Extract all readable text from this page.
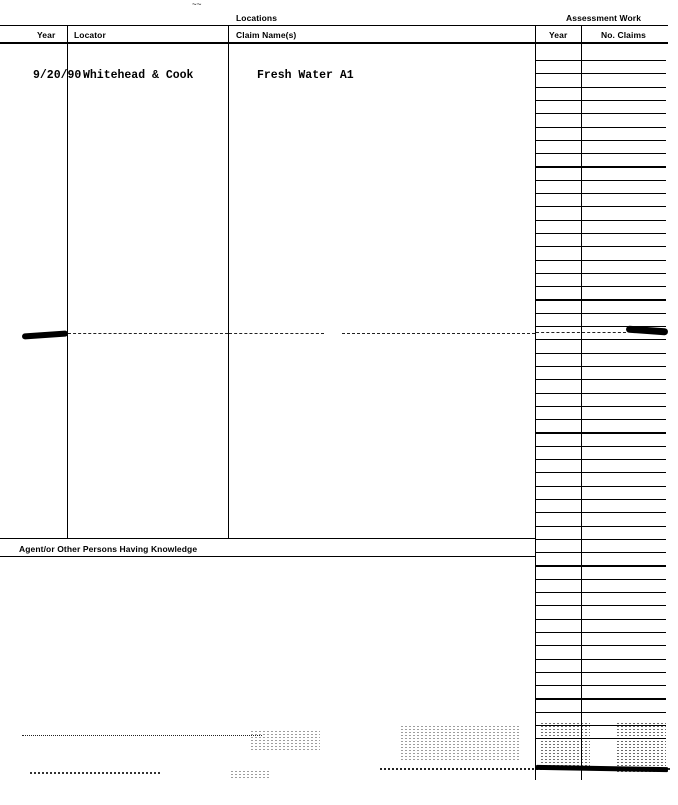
~~
Locations	Assessment Work
Year Locator	Claim Name(s)	Year	No. Claims
9/20/90 Whitehead & Cook	Fresh Water A1
Agent/or Other Persons Having Knowledge
